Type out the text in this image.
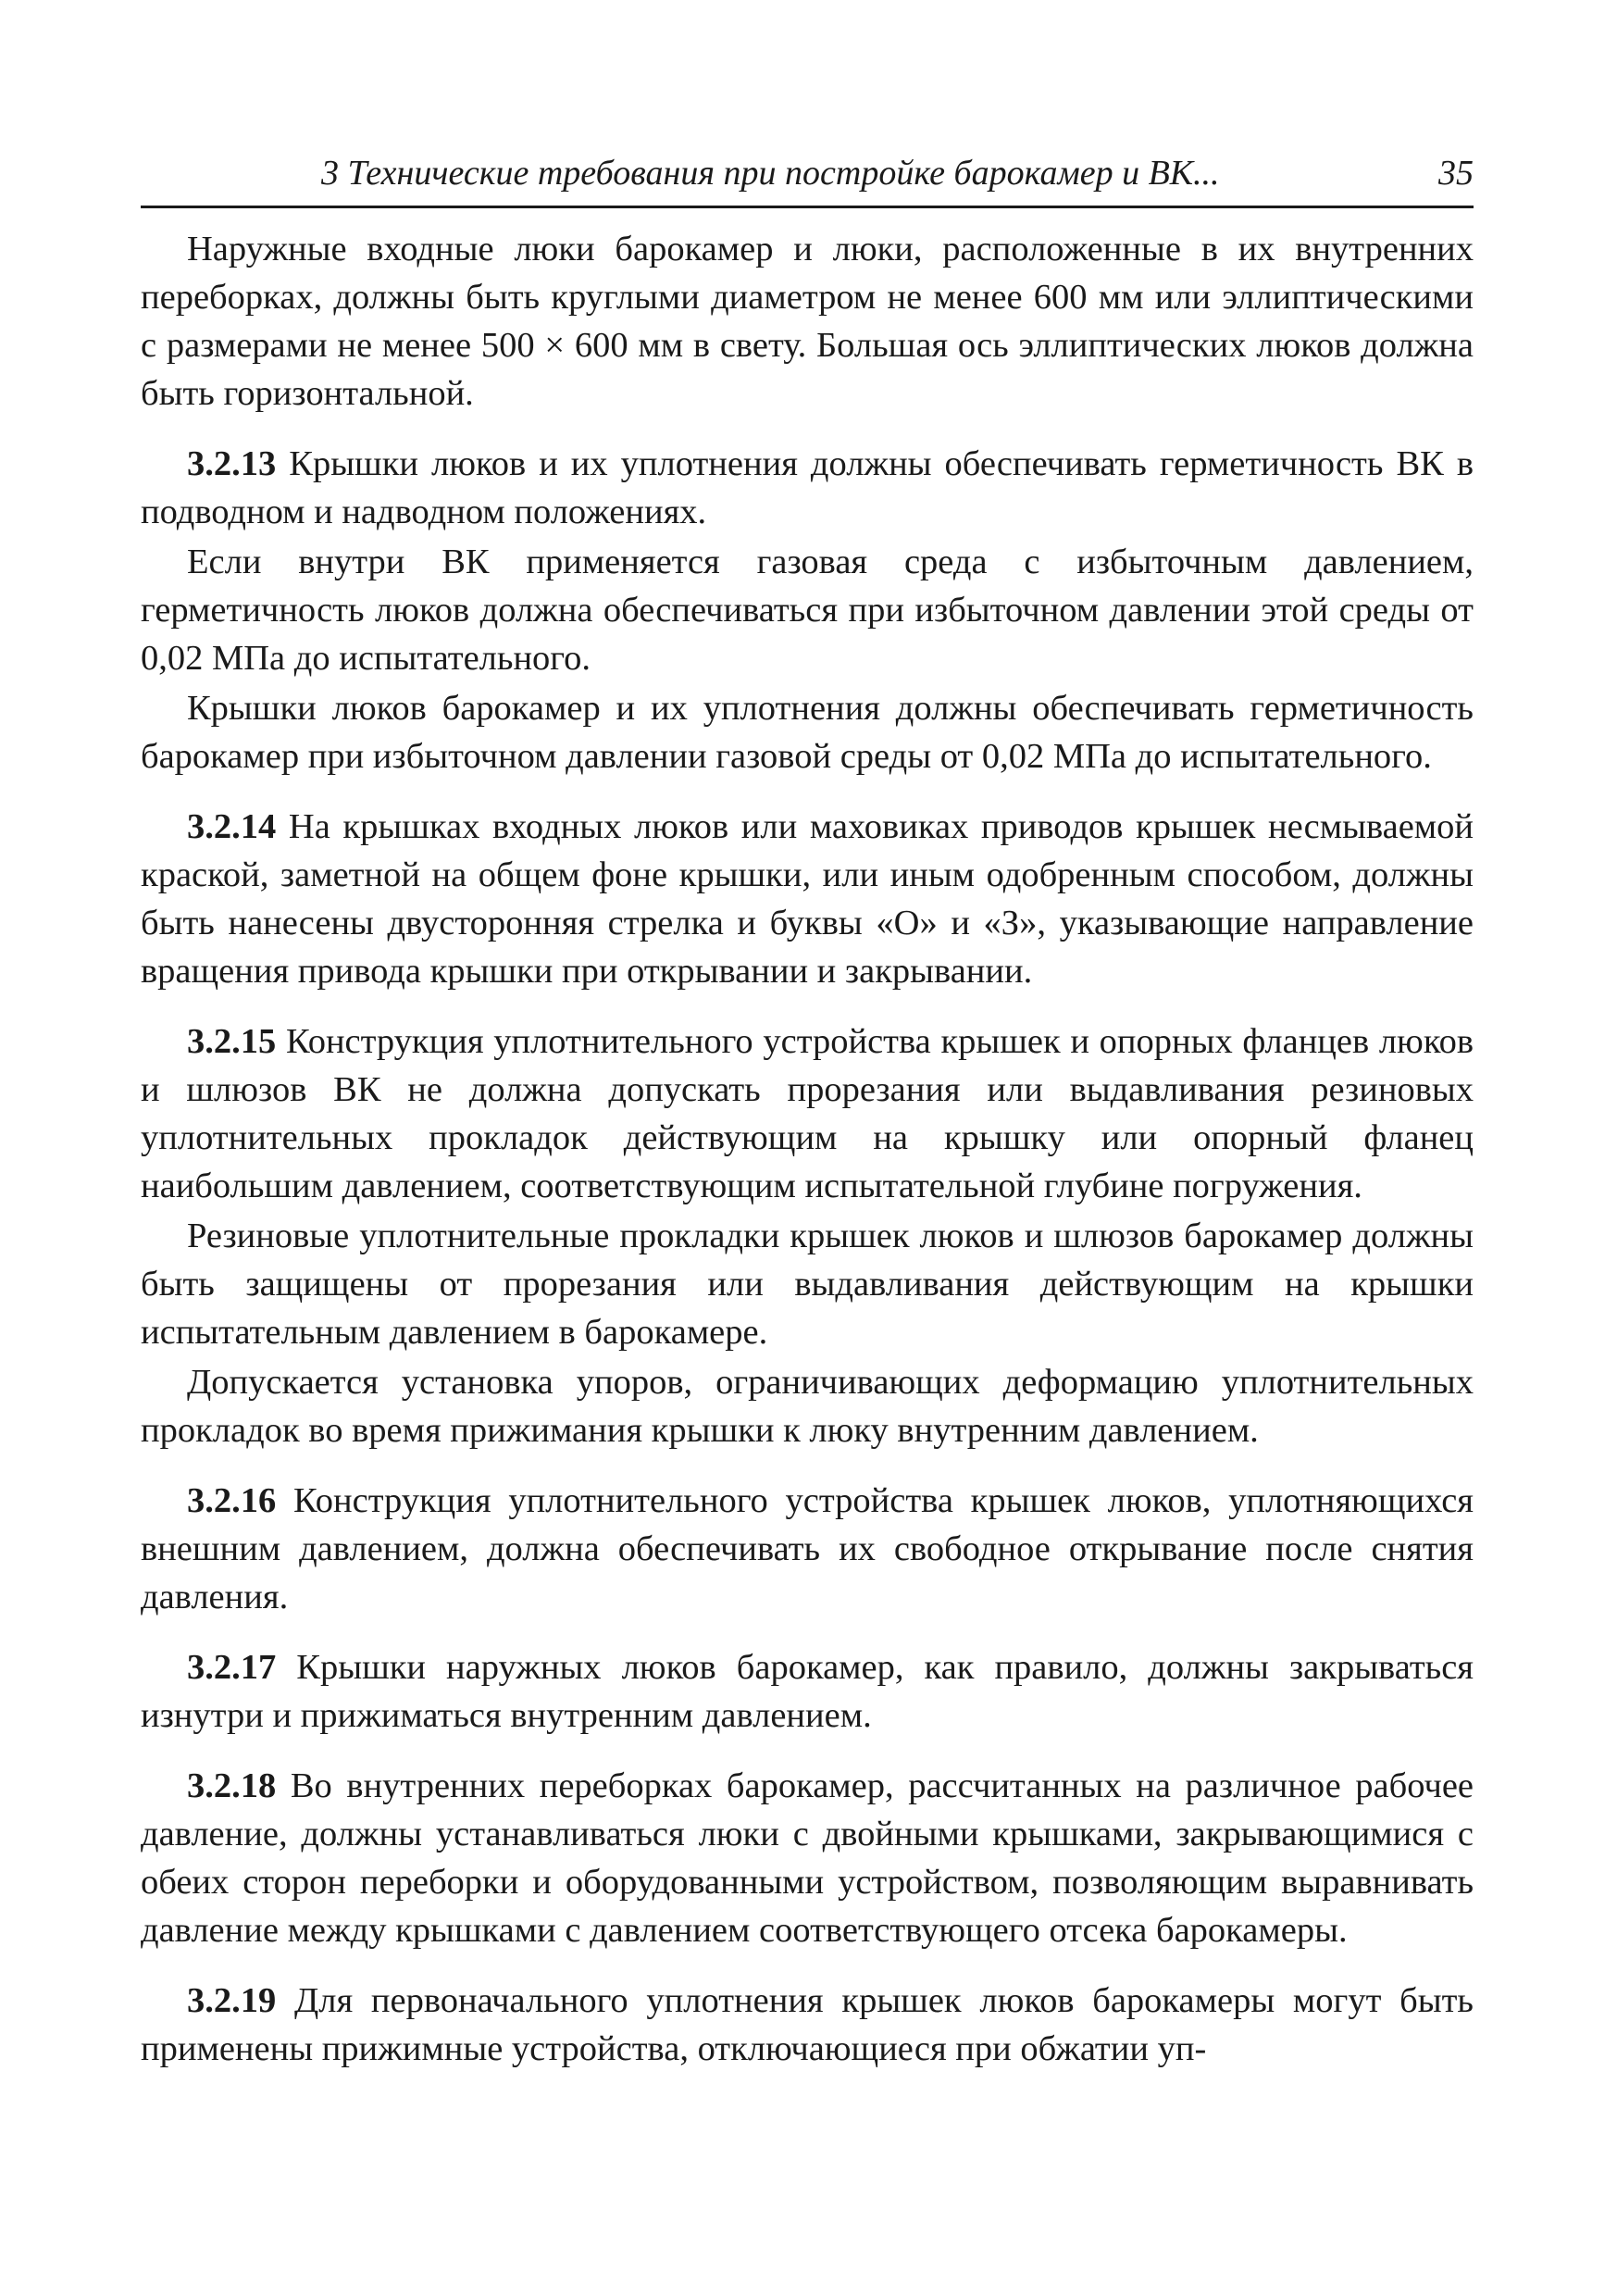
3 Технические требования при постройке барокамер и ВК...	35

Наружные входные люки барокамер и люки, расположенные в их внутренних переборках, должны быть круглыми диаметром не менее 600 мм или эллиптическими с размерами не менее 500 × 600 мм в свету. Большая ось эллиптических люков должна быть горизонтальной.

3.2.13 Крышки люков и их уплотнения должны обеспечивать герметичность ВК в подводном и надводном положениях.

Если внутри ВК применяется газовая среда с избыточным давлением, герметичность люков должна обеспечиваться при избыточном давлении этой среды от 0,02 МПа до испытательного.

Крышки люков барокамер и их уплотнения должны обеспечивать герметичность барокамер при избыточном давлении газовой среды от 0,02 МПа до испытательного.

3.2.14 На крышках входных люков или маховиках приводов крышек несмываемой краской, заметной на общем фоне крышки, или иным одобренным способом, должны быть нанесены двусторонняя стрелка и буквы «О» и «З», указывающие направление вращения привода крышки при открывании и закрывании.

3.2.15 Конструкция уплотнительного устройства крышек и опорных фланцев люков и шлюзов ВК не должна допускать прорезания или выдавливания резиновых уплотнительных прокладок действующим на крышку или опорный фланец наибольшим давлением, соответствующим испытательной глубине погружения.

Резиновые уплотнительные прокладки крышек люков и шлюзов барокамер должны быть защищены от прорезания или выдавливания действующим на крышки испытательным давлением в барокамере.

Допускается установка упоров, ограничивающих деформацию уплотнительных прокладок во время прижимания крышки к люку внутренним давлением.

3.2.16 Конструкция уплотнительного устройства крышек люков, уплотняющихся внешним давлением, должна обеспечивать их свободное открывание после снятия давления.

3.2.17 Крышки наружных люков барокамер, как правило, должны закрываться изнутри и прижиматься внутренним давлением.

3.2.18 Во внутренних переборках барокамер, рассчитанных на различное рабочее давление, должны устанавливаться люки с двойными крышками, закрывающимися с обеих сторон переборки и оборудованными устройством, позволяющим выравнивать давление между крышками с давлением соответствующего отсека барокамеры.

3.2.19 Для первоначального уплотнения крышек люков барокамеры могут быть применены прижимные устройства, отключающиеся при обжатии уп-
